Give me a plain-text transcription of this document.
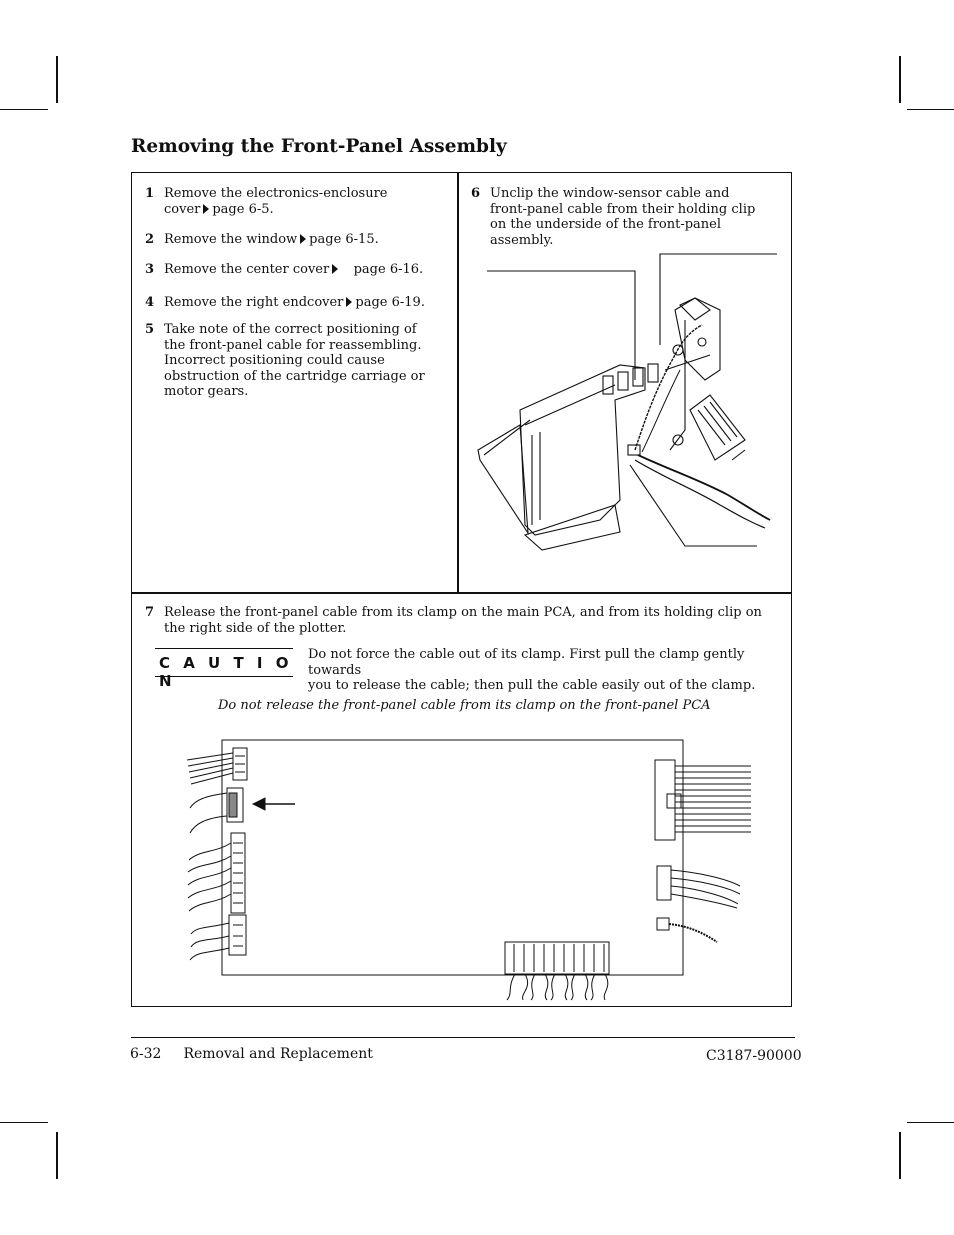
Removing the Front-Panel Assembly
1 Remove the electronics-enclosure
cover page 6-5.
2 Remove the window page 6-15.
3 Remove the center cover page 6-16.
4 Remove the right endcover page 6-19.
5 Take note of the correct positioning of
the front-panel cable for reassembling.
Incorrect positioning could cause
obstruction of the cartridge carriage or
motor gears.
6 Unclip the window-sensor cable and
front-panel cable from their holding clip
on the underside of the front-panel
assembly.
7 Release the front-panel cable from its clamp on the main PCA, and from its holding clip on
the right side of the plotter.
C A U T I O N
Do not force the cable out of its clamp. First pull the clamp gently towards
you to release the cable; then pull the cable easily out of the clamp.
Do not release the front-panel cable from its clamp on the front-panel PCA
6-32 Removal and Replacement	C3187-90000
